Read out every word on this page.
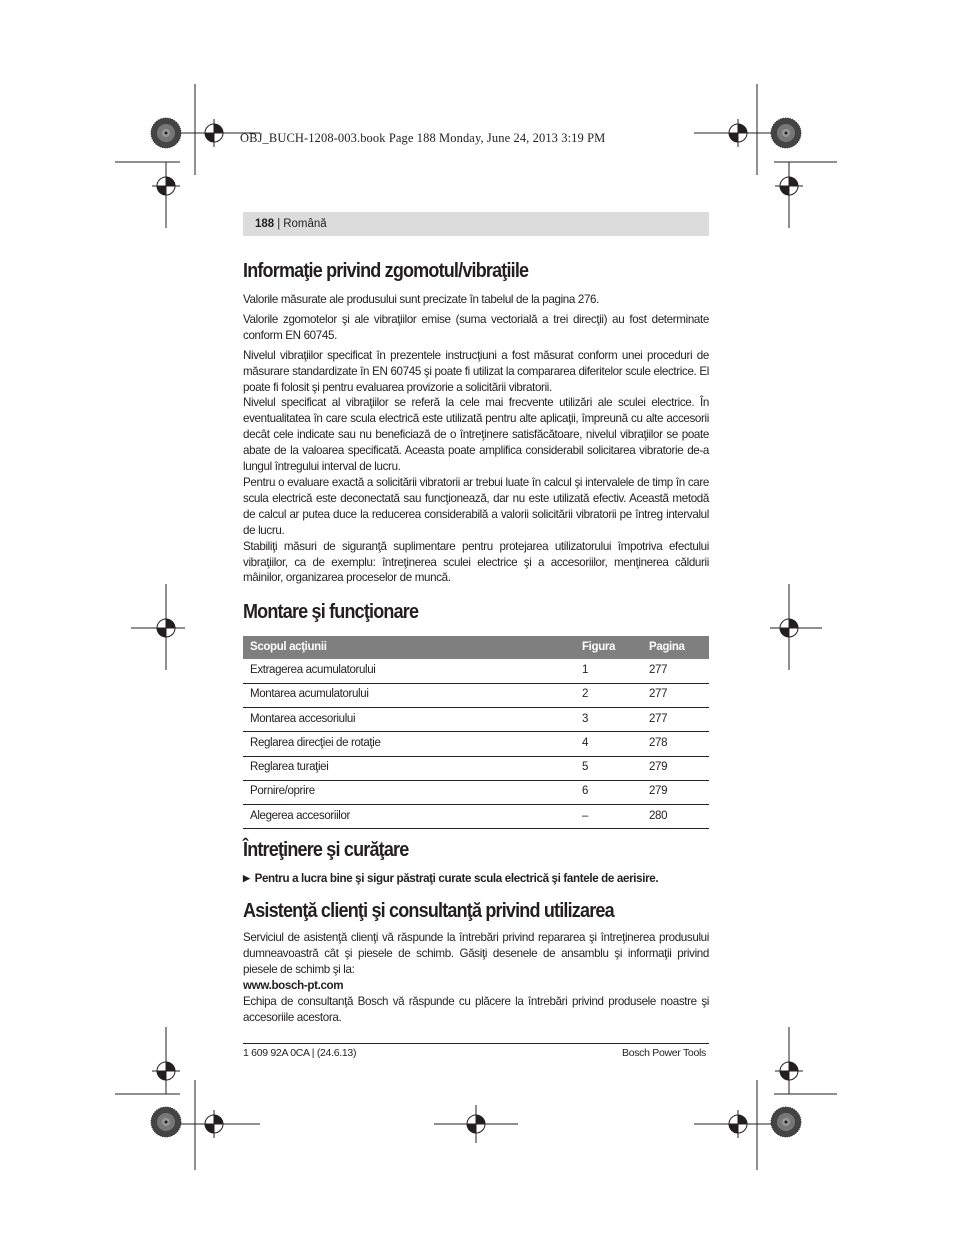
OBJ_BUCH-1208-003.book Page 188 Monday, June 24, 2013 3:19 PM
188 | Română
Informaţie privind zgomotul/vibraţiile

Valorile măsurate ale produsului sunt precizate în tabelul de la pagina 276.

Valorile zgomotelor şi ale vibraţiilor emise (suma vectorială a trei direcţii) au fost determinate conform EN 60745.

Nivelul vibraţiilor specificat în prezentele instrucţiuni a fost măsurat conform unei proceduri de măsurare standardizate în EN 60745 şi poate fi utilizat la compararea diferitelor scule electrice. El poate fi folosit şi pentru evaluarea provizorie a solicitării vibratorii.

Nivelul specificat al vibraţiilor se referă la cele mai frecvente utilizări ale sculei electrice. În eventualitatea în care scula electrică este utilizată pentru alte aplicaţii, împreună cu alte accesorii decât cele indicate sau nu beneficiază de o întreţinere satisfăcătoare, nivelul vibraţiilor se poate abate de la valoarea specificată. Aceasta poate amplifica considerabil solicitarea vibratorie de-a lungul întregului interval de lucru.

Pentru o evaluare exactă a solicitării vibratorii ar trebui luate în calcul şi intervalele de timp în care scula electrică este deconectată sau funcţionează, dar nu este utilizată efectiv. Aceastã metodă de calcul ar putea duce la reducerea considerabilă a valorii solicitării vibratorii pe întreg intervalul de lucru.

Stabiliţi măsuri de siguranţă suplimentare pentru protejarea utilizatorului împotriva efectului vibraţiilor, ca de exemplu: întreţinerea sculei electrice şi a accesoriilor, menţinerea căldurii mâinilor, organizarea proceselor de muncă.

Montare şi funcţionare
Scopul acţiunii	Figura	Pagina
Extragerea acumulatorului	1	277
Montarea acumulatorului	2	277
Montarea accesoriului	3	277
Reglarea direcţiei de rotaţie	4	278
Reglarea turaţiei	5	279
Pornire/oprire	6	279
Alegerea accesoriilor	–	280
Întreţinere şi curăţare
▶ Pentru a lucra bine şi sigur păstraţi curate scula electrică şi fantele de aerisire.
Asistenţă clienţi şi consultanţă privind utilizarea

Serviciul de asistenţă clienţi vă răspunde la întrebări privind repararea şi întreţinerea produsului dumneavoastră cât şi piesele de schimb. Găsiţi desenele de ansamblu şi informaţii privind piesele de schimb şi la:

www.bosch-pt.com

Echipa de consultanţă Bosch vă răspunde cu plăcere la întrebări privind produsele noastre şi accesoriile acestora.

1 609 92A 0CA | (24.6.13)	Bosch Power Tools
